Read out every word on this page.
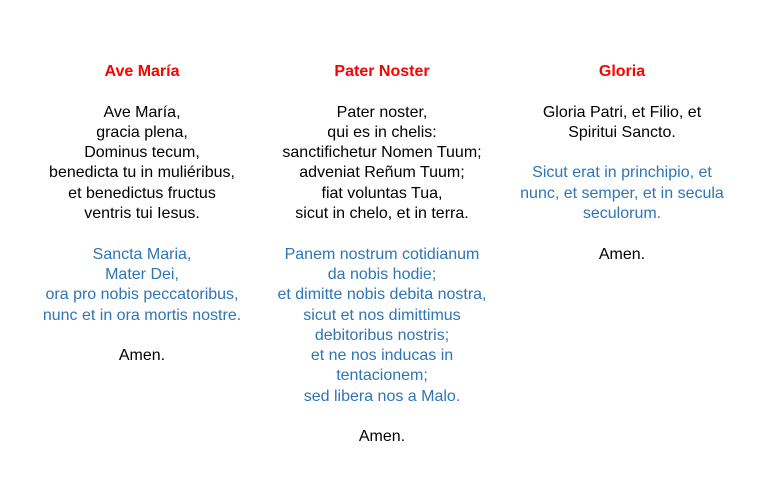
Ave María
Ave María,
gracia plena,
Dominus tecum,
benedicta tu in muliéribus,
et benedictus fructus
ventris tui Iesus.
Sancta Maria,
Mater Dei,
ora pro nobis peccatoribus,
nunc et in ora mortis nostre.
Amen.
Pater Noster
Pater noster,
qui es in chelis:
sanctifichetur Nomen Tuum;
adveniat Reñum Tuum;
fiat voluntas Tua,
sicut in chelo, et in terra.
Panem nostrum cotidianum
da nobis hodie;
et dimitte nobis debita nostra,
sicut et nos dimittimus
debitoribus nostris;
et ne nos inducas in
tentacionem;
sed libera nos a Malo.
Amen.
Gloria
Gloria Patri, et Filio, et
Spiritui Sancto.
Sicut erat in princhipio, et
nunc, et semper, et in secula
seculorum.
Amen.
